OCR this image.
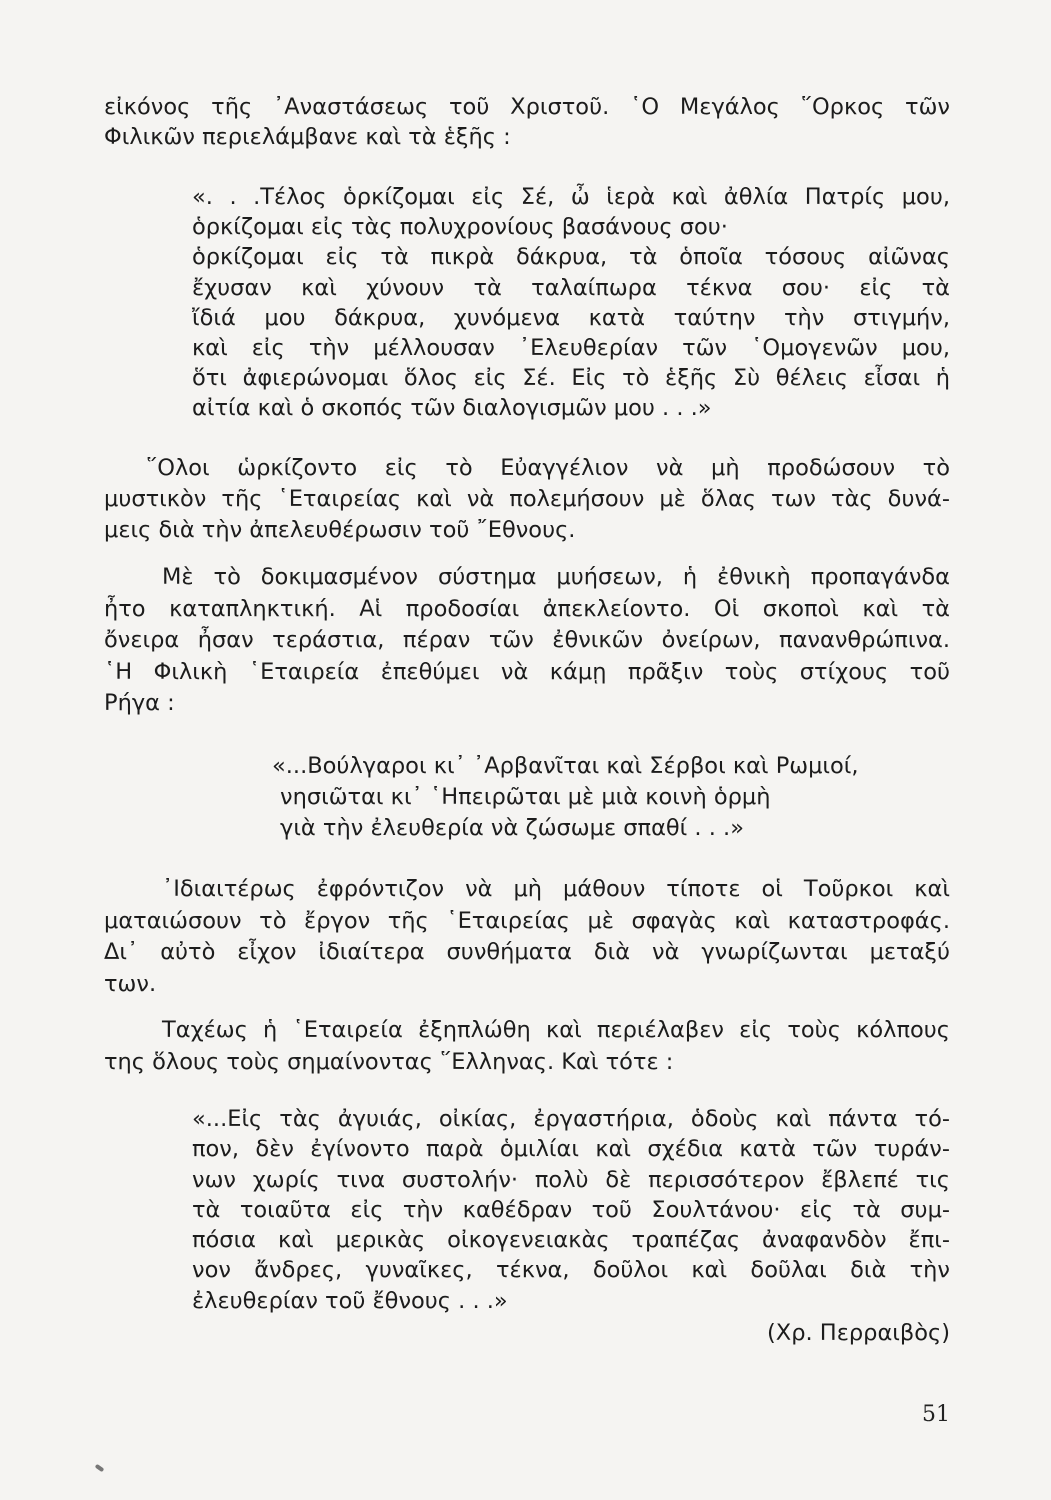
εἰκόνος τῆς ᾿Αναστάσεως τοῦ Χριστοῦ. ῾Ο Μεγάλος ῞Ορκος τῶν
Φιλικῶν περιελάμβανε καὶ τὰ ἑξῆς :
«. . .Τέλος ὁρκίζομαι εἰς Σέ, ὦ ἱερὰ καὶ ἀθλία Πατρίς μου,
ὁρκίζομαι εἰς τὰς πολυχρονίους βασάνους σου·
ὁρκίζομαι εἰς τὰ πικρὰ δάκρυα, τὰ ὁποῖα τόσους αἰῶνας
ἔχυσαν καὶ χύνουν τὰ ταλαίπωρα τέκνα σου· εἰς τὰ
ἴδιά μου δάκρυα, χυνόμενα κατὰ ταύτην τὴν στιγμήν,
καὶ εἰς τὴν μέλλουσαν ᾿Ελευθερίαν τῶν ῾Ομογενῶν μου,
ὅτι ἀφιερώνομαι ὅλος εἰς Σέ. Εἰς τὸ ἑξῆς Σὺ θέλεις εἶσαι ἡ
αἰτία καὶ ὁ σκοπός τῶν διαλογισμῶν μου . . .»
῞Ολοι ὡρκίζοντο εἰς τὸ Εὐαγγέλιον νὰ μὴ προδώσουν τὸ
μυστικὸν τῆς ῾Εταιρείας καὶ νὰ πολεμήσουν μὲ ὅλας των τὰς δυνά-
μεις διὰ τὴν ἀπελευθέρωσιν τοῦ ῎Εθνους.
Μὲ τὸ δοκιμασμένον σύστημα μυήσεων, ἡ ἐθνικὴ προπαγάνδα
ἦτο καταπληκτική. Αἱ προδοσίαι ἀπεκλείοντο. Οἱ σκοποὶ καὶ τὰ
ὄνειρα ἦσαν τεράστια, πέραν τῶν ἐθνικῶν ὀνείρων, πανανθρώπινα.
῾Η Φιλικὴ ῾Εταιρεία ἐπεθύμει νὰ κάμῃ πρᾶξιν τοὺς στίχους τοῦ
Ρήγα :
«...Βούλγαροι κι᾿ ᾿Αρβανῖται καὶ Σέρβοι καὶ Ρωμιοί,
νησιῶται κι᾿ ῾Ηπειρῶται μὲ μιὰ κοινὴ ὁρμὴ
γιὰ τὴν ἐλευθερία νὰ ζώσωμε σπαθί . . .»
᾿Ιδιαιτέρως ἐφρόντιζον νὰ μὴ μάθουν τίποτε οἱ Τοῦρκοι καὶ
ματαιώσουν τὸ ἔργον τῆς ῾Εταιρείας μὲ σφαγὰς καὶ καταστροφάς.
Δι᾿ αὐτὸ εἶχον ἰδιαίτερα συνθήματα διὰ νὰ γνωρίζωνται μεταξύ
των.
Ταχέως ἡ ῾Εταιρεία ἐξηπλώθη καὶ περιέλαβεν εἰς τοὺς κόλπους
της ὅλους τοὺς σημαίνοντας ῞Ελληνας. Καὶ τότε :
«...Εἰς τὰς ἀγυιάς, οἰκίας, ἐργαστήρια, ὁδοὺς καὶ πάντα τό-
πον, δὲν ἐγίνοντο παρὰ ὁμιλίαι καὶ σχέδια κατὰ τῶν τυράν-
νων χωρίς τινα συστολήν· πολὺ δὲ περισσότερον ἔβλεπέ τις
τὰ τοιαῦτα εἰς τὴν καθέδραν τοῦ Σουλτάνου· εἰς τὰ συμ-
πόσια καὶ μερικὰς οἰκογενειακὰς τραπέζας ἀναφανδὸν ἔπι-
νον ἄνδρες, γυναῖκες, τέκνα, δοῦλοι καὶ δοῦλαι διὰ τὴν
ἐλευθερίαν τοῦ ἔθνους . . .»
(Χρ. Περραιβὸς)
51
